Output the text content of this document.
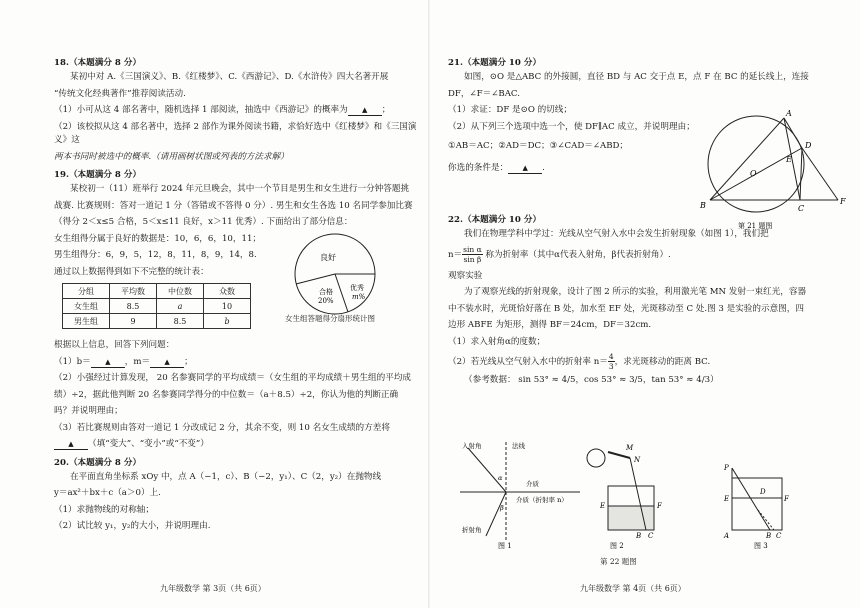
18.（本题满分 8 分）

某初中对 A.《三国演义》、B.《红楼梦》、C.《西游记》、D.《水浒传》四大名著开展

“传统文化经典著作”推荐阅读活动.

（1）小可从这 4 部名著中，随机选择 1 部阅读，抽选中《西游记》的概率为 ▲ ；

（2）该校拟从这 4 部名著中，选择 2 部作为课外阅读书籍，求恰好选中《红楼梦》和《三国演义》这

两本书同时被选中的概率.（请用画树状图或列表的方法求解）

19.（本题满分 8 分）

某校初一（11）班举行 2024 年元旦晚会，其中一个节目是男生和女生进行一分钟答题挑

战赛. 比赛规则：答对一道记 1 分（答错或不答得 0 分）. 男生和女生各选 10 名同学参加比赛

（得分 2＜x≤5 合格，5＜x≤11 良好，x＞11 优秀）. 下面给出了部分信息：

女生组得分属于良好的数据是：10，6，6，10，11；

男生组得分：6，9，5，12，8，11，8，9，14，8.

通过以上数据得到如下不完整的统计表：

分组	平均数	中位数	众数
女生组	8.5	a	10
男生组	9	8.5	b
良好
优秀
m%
合格
20%
女生组答题得分扇形统计图

根据以上信息，回答下列问题：

（1）b＝ ▲ ，m＝ ▲ ；

（2）小强经过计算发现， 20 名参赛同学的平均成绩＝（女生组的平均成绩＋男生组的平均成

绩）÷2，据此他判断 20 名参赛同学得分的中位数＝（a＋8.5）÷2，你认为他的判断正确

吗？并说明理由；

（3）若比赛规则由答对一道记 1 分改成记 2 分，其余不变，则 10 名女生成绩的方差将

▲ （填“变大”、“变小”或“不变”）

20.（本题满分 8 分）

在平面直角坐标系 xOy 中，点 A（−1，c）、B（−2，y₁）、C（2，y₂）在抛物线

y＝ax²＋bx＋c（a＞0）上.

（1）求抛物线的对称轴；

（2）试比较 y₁，y₂的大小，并说明理由.

九年级数学 第 3页（共 6页）
21.（本题满分 10 分）

如图，⊙O 是△ABC 的外接圆，直径 BD 与 AC 交于点 E，点 F 在 BC 的延长线上，连接

DF，∠F＝∠BAC.

（1）求证：DF 是⊙O 的切线；

（2）从下列三个选项中选一个，使 DF∥AC 成立，并说明理由；

①AB＝AC；②AD＝DC；③∠CAD＝∠ABD；

你选的条件是： ▲ .

A
B	C
D
E
O
F
第 21 题图
22.（本题满分 10 分）

我们在物理学科中学过：光线从空气射入水中会发生折射现象（如图 1），我们把

$n= \frac{\text{sin α}}{\text{sin β}}$ 称为折射率（其中α代表入射角，β代表折射角）.

观察实验

为了观察光线的折射现象，设计了图 2 所示的实验，利用激光笔 MN 发射一束红光，容器

中不装水时，光斑恰好落在 B 处，加水至 EF 处，光斑移动至 C 处.图 3 是实验的示意图，四

边形 ABFE 为矩形，测得 BF＝24cm，DF＝32cm.

（1）求入射角α的度数；

（2）若光线从空气射入水中的折射率 $n= \frac{4}{3}$ ，求光斑移动的距离 BC.

（参考数据： sin 53° ≈ 4/5，cos 53° ≈ 3/5，tan 53° ≈ 4/3）

入射角	法线
介质
α
介质（折射率 n）
β
折射角
图 1
M
N
E	F
B C
图 2
P
D
E	F
A	B C
图 3
第 22 题图
九年级数学 第 4页（共 6页）
